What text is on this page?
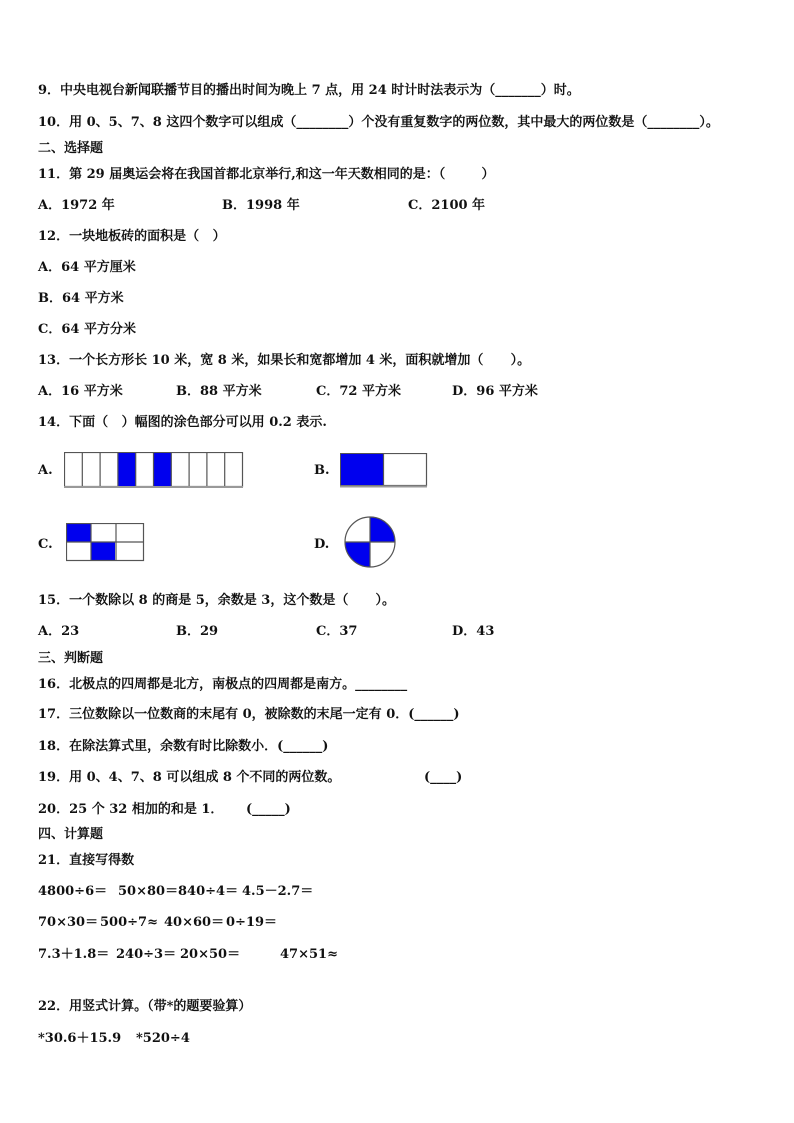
9．中央电视台新闻联播节目的播出时间为晚上 7 点，用 24 时计时法表示为（_______）时。
10．用 0、5、7、8 这四个数字可以组成（________）个没有重复数字的两位数，其中最大的两位数是（________）。
二、选择题
11．第 29 届奥运会将在我国首都北京举行,和这一年天数相同的是：（        ）
A．1972 年	B．1998 年	C．2100 年
12．一块地板砖的面积是（   ）
A．64 平方厘米
B．64 平方米
C．64 平方分米
13．一个长方形长 10 米，宽 8 米，如果长和宽都增加 4 米，面积就增加（      ）。
A．16 平方米	B．88 平方米	C．72 平方米	D．96 平方米
14．下面（   ）幅图的涂色部分可以用 0.2 表示.
A.	B.
C.	D.
15．一个数除以 8 的商是 5，余数是 3，这个数是（      ）。
A．23	B．29	C．37	D．43
三、判断题
16．北极点的四周都是北方，南极点的四周都是南方。________
17．三位数除以一位数商的末尾有 0，被除数的末尾一定有 0．(______)
18．在除法算式里，余数有时比除数小．(______)
19．用 0、4、7、8 可以组成 8 个不同的两位数。	(____)
20．25 个 32 相加的和是 1． (_____)
四、计算题
21．直接写得数
4800÷6＝ 50×80＝ 840÷4＝ 4.5－2.7＝
70×30＝ 500÷7≈ 40×60＝ 0÷19＝
7.3＋1.8＝ 240÷3＝ 20×50＝	47×51≈
22．用竖式计算。（带*的题要验算）
*30.6＋15.9 *520÷4
